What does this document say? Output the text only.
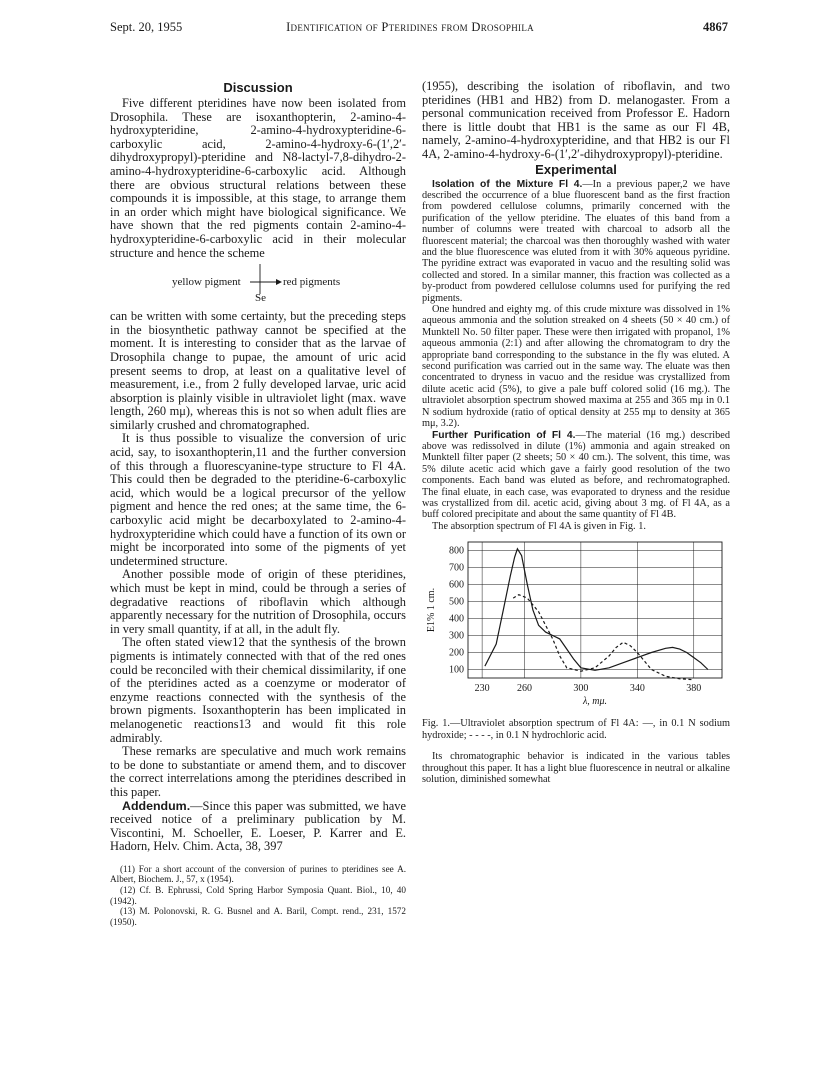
Sept. 20, 1955	Identification of Pteridines from Drosophila	4867
Discussion

Five different pteridines have now been isolated from Drosophila. These are isoxanthopterin, 2-amino-4-hydroxypteridine, 2-amino-4-hydroxypteridine-6-carboxylic acid, 2-amino-4-hydroxy-6-(1′,2′-dihydroxypropyl)-pteridine and N8-lactyl-7,8-dihydro-2-amino-4-hydroxypteridine-6-carboxylic acid. Although there are obvious structural relations between these compounds it is impossible, at this stage, to arrange them in an order which might have biological significance. We have shown that the red pigments contain 2-amino-4-hydroxypteridine-6-carboxylic acid in their molecular structure and hence the scheme

yellow pigment	red pigments
Se

can be written with some certainty, but the preceding steps in the biosynthetic pathway cannot be specified at the moment. It is interesting to consider that as the larvae of Drosophila change to pupae, the amount of uric acid present seems to drop, at least on a qualitative level of measurement, i.e., from 2 fully developed larvae, uric acid absorption is plainly visible in ultraviolet light (max. wave length, 260 mμ), whereas this is not so when adult flies are similarly crushed and chromatographed.

It is thus possible to visualize the conversion of uric acid, say, to isoxanthopterin,11 and the further conversion of this through a fluorescyanine-type structure to Fl 4A. This could then be degraded to the pteridine-6-carboxylic acid, which would be a logical precursor of the yellow pigment and hence the red ones; at the same time, the 6-carboxylic acid might be decarboxylated to 2-amino-4-hydroxypteridine which could have a function of its own or might be incorporated into some of the pigments of yet undetermined structure.

Another possible mode of origin of these pteridines, which must be kept in mind, could be through a series of degradative reactions of riboflavin which although apparently necessary for the nutrition of Drosophila, occurs in very small quantity, if at all, in the adult fly.

The often stated view12 that the synthesis of the brown pigments is intimately connected with that of the red ones could be reconciled with their chemical dissimilarity, if one of the pteridines acted as a coenzyme or moderator of enzyme reactions connected with the synthesis of the brown pigments. Isoxanthopterin has been implicated in melanogenetic reactions13 and would fit this role admirably.

These remarks are speculative and much work remains to be done to substantiate or amend them, and to discover the correct interrelations among the pteridines described in this paper.

Addendum.—Since this paper was submitted, we have received notice of a preliminary publication by M. Viscontini, M. Schoeller, E. Loeser, P. Karrer and E. Hadorn, Helv. Chim. Acta, 38, 397

(11) For a short account of the conversion of purines to pteridines see A. Albert, Biochem. J., 57, x (1954).

(12) Cf. B. Ephrussi, Cold Spring Harbor Symposia Quant. Biol., 10, 40 (1942).

(13) M. Polonovski, R. G. Busnel and A. Baril, Compt. rend., 231, 1572 (1950).

(1955), describing the isolation of riboflavin, and two pteridines (HB1 and HB2) from D. melanogaster. From a personal communication received from Professor E. Hadorn there is little doubt that HB1 is the same as our Fl 4B, namely, 2-amino-4-hydroxypteridine, and that HB2 is our Fl 4A, 2-amino-4-hydroxy-6-(1′,2′-dihydroxypropyl)-pteridine.

Experimental

Isolation of the Mixture Fl 4.—In a previous paper,2 we have described the occurrence of a blue fluorescent band as the first fraction from powdered cellulose columns, primarily concerned with the purification of the yellow pteridine. The eluates of this band from a number of columns were treated with charcoal to adsorb all the fluorescent material; the charcoal was then thoroughly washed with water and the blue fluorescence was eluted from it with 30% aqueous pyridine. The pyridine extract was evaporated in vacuo and the resulting solid was collected and stored. In a similar manner, this fraction was collected as a by-product from powdered cellulose columns used for purifying the red pigments.

One hundred and eighty mg. of this crude mixture was dissolved in 1% aqueous ammonia and the solution streaked on 4 sheets (50 × 40 cm.) of Munktell No. 50 filter paper. These were then irrigated with propanol, 1% aqueous ammonia (2:1) and after allowing the chromatogram to dry the appropriate band corresponding to the substance in the fly was eluted. A second purification was carried out in the same way. The eluate was then concentrated to dryness in vacuo and the residue was crystallized from dilute acetic acid (5%), to give a pale buff colored solid (16 mg.). The ultraviolet absorption spectrum showed maxima at 255 and 365 mμ in 0.1 N sodium hydroxide (ratio of optical density at 255 mμ to density at 365 mμ, 3.2).

Further Purification of Fl 4.—The material (16 mg.) described above was redissolved in dilute (1%) ammonia and again streaked on Munktell filter paper (2 sheets; 50 × 40 cm.). The solvent, this time, was 5% dilute acetic acid which gave a fairly good resolution of the two components. Each band was eluted as before, and rechromatographed. The final eluate, in each case, was evaporated to dryness and the residue was crystallized from dil. acetic acid, giving about 3 mg. of Fl 4A, as a buff colored precipitate and about the same quantity of Fl 4B.

The absorption spectrum of Fl 4A is given in Fig. 1.

100
200
300
400
500
600
700
800
230	260	300	340	380
λ, mμ.
E1% 1 cm.
Fig. 1.—Ultraviolet absorption spectrum of Fl 4A: —, in 0.1 N sodium hydroxide; - - - -, in 0.1 N hydrochloric acid.

Its chromatographic behavior is indicated in the various tables throughout this paper. It has a light blue fluorescence in neutral or alkaline solution, diminished somewhat
